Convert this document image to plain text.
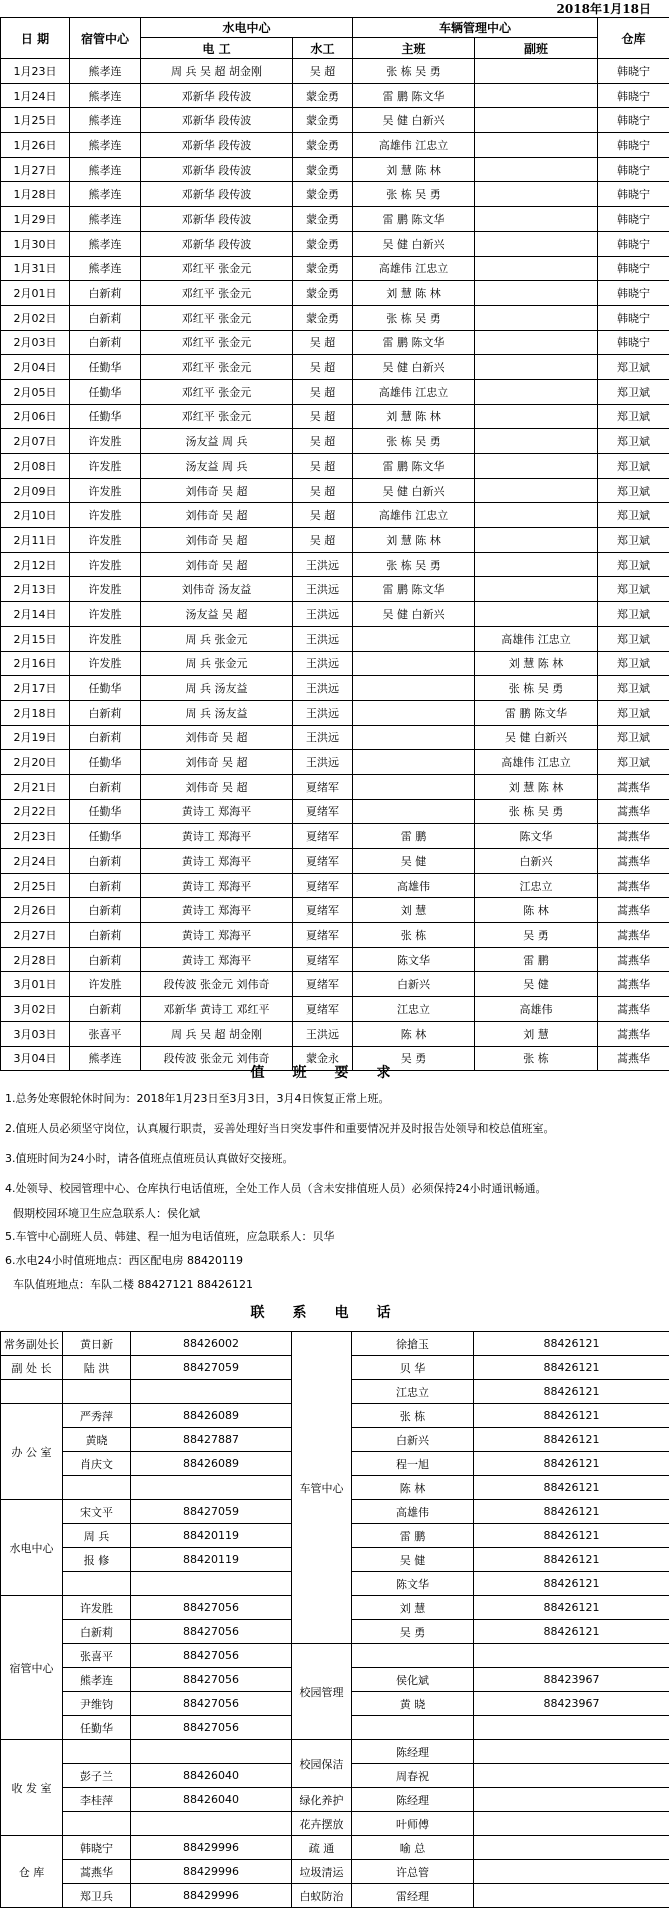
2018年1月18日
日 期	宿管中心	水电中心		车辆管理中心		仓库
		电 工	水工	主班	副班	
1月23日	熊孝连	周 兵 吴 超 胡金刚	吴 超	张 栋 吴 勇		韩晓宁
1月24日	熊孝连	邓新华 段传波	蒙金勇	雷 鹏 陈文华		韩晓宁
1月25日	熊孝连	邓新华 段传波	蒙金勇	吴 健 白新兴		韩晓宁
1月26日	熊孝连	邓新华 段传波	蒙金勇	高雄伟 江忠立		韩晓宁
1月27日	熊孝连	邓新华 段传波	蒙金勇	刘 慧 陈 林		韩晓宁
1月28日	熊孝连	邓新华 段传波	蒙金勇	张 栋 吴 勇		韩晓宁
1月29日	熊孝连	邓新华 段传波	蒙金勇	雷 鹏 陈文华		韩晓宁
1月30日	熊孝连	邓新华 段传波	蒙金勇	吴 健 白新兴		韩晓宁
1月31日	熊孝连	邓红平 张金元	蒙金勇	高雄伟 江忠立		韩晓宁
2月01日	白新莉	邓红平 张金元	蒙金勇	刘 慧 陈 林		韩晓宁
2月02日	白新莉	邓红平 张金元	蒙金勇	张 栋 吴 勇		韩晓宁
2月03日	白新莉	邓红平 张金元	吴 超	雷 鹏 陈文华		韩晓宁
2月04日	任勤华	邓红平 张金元	吴 超	吴 健 白新兴		郑卫斌
2月05日	任勤华	邓红平 张金元	吴 超	高雄伟 江忠立		郑卫斌
2月06日	任勤华	邓红平 张金元	吴 超	刘 慧 陈 林		郑卫斌
2月07日	许发胜	汤友益 周 兵	吴 超	张 栋 吴 勇		郑卫斌
2月08日	许发胜	汤友益 周 兵	吴 超	雷 鹏 陈文华		郑卫斌
2月09日	许发胜	刘伟奇 吴 超	吴 超	吴 健 白新兴		郑卫斌
2月10日	许发胜	刘伟奇 吴 超	吴 超	高雄伟 江忠立		郑卫斌
2月11日	许发胜	刘伟奇 吴 超	吴 超	刘 慧 陈 林		郑卫斌
2月12日	许发胜	刘伟奇 吴 超	王洪远	张 栋 吴 勇		郑卫斌
2月13日	许发胜	刘伟奇 汤友益	王洪远	雷 鹏 陈文华		郑卫斌
2月14日	许发胜	汤友益 吴 超	王洪远	吴 健 白新兴		郑卫斌
2月15日	许发胜	周 兵 张金元	王洪远		高雄伟 江忠立	郑卫斌
2月16日	许发胜	周 兵 张金元	王洪远		刘 慧 陈 林	郑卫斌
2月17日	任勤华	周 兵 汤友益	王洪远		张 栋 吴 勇	郑卫斌
2月18日	白新莉	周 兵 汤友益	王洪远		雷 鹏 陈文华	郑卫斌
2月19日	白新莉	刘伟奇 吴 超	王洪远		吴 健 白新兴	郑卫斌
2月20日	任勤华	刘伟奇 吴 超	王洪远		高雄伟 江忠立	郑卫斌
2月21日	白新莉	刘伟奇 吴 超	夏绪军		刘 慧 陈 林	蒿燕华
2月22日	任勤华	黄诗工 郑海平	夏绪军		张 栋 吴 勇	蒿燕华
2月23日	任勤华	黄诗工 郑海平	夏绪军	雷 鹏	陈文华	蒿燕华
2月24日	白新莉	黄诗工 郑海平	夏绪军	吴 健	白新兴	蒿燕华
2月25日	白新莉	黄诗工 郑海平	夏绪军	高雄伟	江忠立	蒿燕华
2月26日	白新莉	黄诗工 郑海平	夏绪军	刘 慧	陈 林	蒿燕华
2月27日	白新莉	黄诗工 郑海平	夏绪军	张 栋	吴 勇	蒿燕华
2月28日	白新莉	黄诗工 郑海平	夏绪军	陈文华	雷 鹏	蒿燕华
3月01日	许发胜	段传波 张金元 刘伟奇	夏绪军	白新兴	吴 健	蒿燕华
3月02日	白新莉	邓新华 黄诗工 邓红平	夏绪军	江忠立	高雄伟	蒿燕华
3月03日	张喜平	周 兵 吴 超 胡金刚	王洪远	陈 林	刘 慧	蒿燕华
3月04日	熊孝连	段传波 张金元 刘伟奇	蒙金永	吴 勇	张 栋	蒿燕华
值班要求
1.总务处寒假轮休时间为：2018年1月23日至3月3日，3月4日恢复正常上班。
2.值班人员必须坚守岗位，认真履行职责，妥善处理好当日突发事件和重要情况并及时报告处领导和校总值班室。
3.值班时间为24小时，请各值班点值班员认真做好交接班。
4.处领导、校园管理中心、仓库执行电话值班，全处工作人员（含未安排值班人员）必须保持24小时通讯畅通。
假期校园环境卫生应急联系人：侯化斌
5.车管中心副班人员、韩建、程一旭为电话值班，应急联系人：贝华
6.水电24小时值班地点：西区配电房 88420119
车队值班地点：车队二楼 88427121 88426121
联系电话
常务副处长	黄日新	88426002	车管中心	徐搶玉	88426121
副 处 长	陆 洪	88427059		贝 华	88426121
				江忠立	88426121
办 公 室	严秀萍	88426089		张 栋	88426121
	黄晓	88427887		白新兴	88426121
	肖庆文	88426089		程一旭	88426121
				陈 林	88426121
水电中心	宋文平	88427059		高雄伟	88426121
	周 兵	88420119		雷 鹏	88426121
	报 修	88420119		吴 健	88426121
				陈文华	88426121
宿管中心	许发胜	88427056		刘 慧	88426121
	白新莉	88427056		吴 勇	88426121
	张喜平	88427056	校园管理		
	熊孝连	88427056		侯化斌	88423967
	尹维钧	88427056		黄 晓	88423967
	任勤华	88427056			
收 发 室			校园保洁	陈经理	
	彭子兰	88426040		周春祝	
	李桂萍	88426040	绿化养护	陈经理	
			花卉摆放	叶师傅	
仓 库	韩晓宁	88429996	疏 通	喻 总	
	蒿燕华	88429996	垃圾清运	许总管	
	郑卫兵	88429996	白蚁防治	雷经理	
